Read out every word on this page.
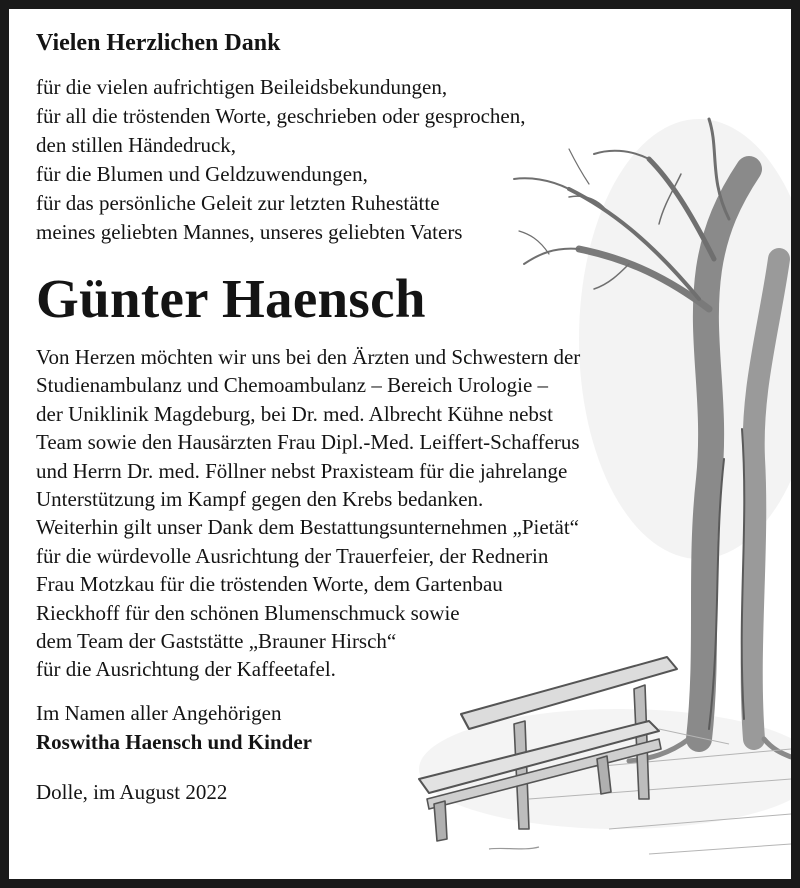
Vielen Herzlichen Dank
für die vielen aufrichtigen Beileidsbekundungen,
für all die tröstenden Worte, geschrieben oder gesprochen,
den stillen Händedruck,
für die Blumen und Geldzuwendungen,
für das persönliche Geleit zur letzten Ruhestätte
meines geliebten Mannes, unseres geliebten Vaters
Günter Haensch
Von Herzen möchten wir uns bei den Ärzten und Schwestern der
Studienambulanz und Chemoambulanz – Bereich Urologie –
der Uniklinik Magdeburg, bei Dr. med. Albrecht Kühne nebst
Team sowie den Hausärzten Frau Dipl.-Med. Leiffert-Schafferus
und Herrn Dr. med. Föllner nebst Praxisteam für die jahrelange
Unterstützung im Kampf gegen den Krebs bedanken.
Weiterhin gilt unser Dank dem Bestattungsunternehmen „Pietät“
für die würdevolle Ausrichtung der Trauerfeier, der Rednerin
Frau Motzkau für die tröstenden Worte, dem Gartenbau
Rieckhoff für den schönen Blumenschmuck sowie
dem Team der Gaststätte „Brauner Hirsch“
für die Ausrichtung der Kaffeetafel.
Im Namen aller Angehörigen
Roswitha Haensch und Kinder
Dolle, im August 2022
